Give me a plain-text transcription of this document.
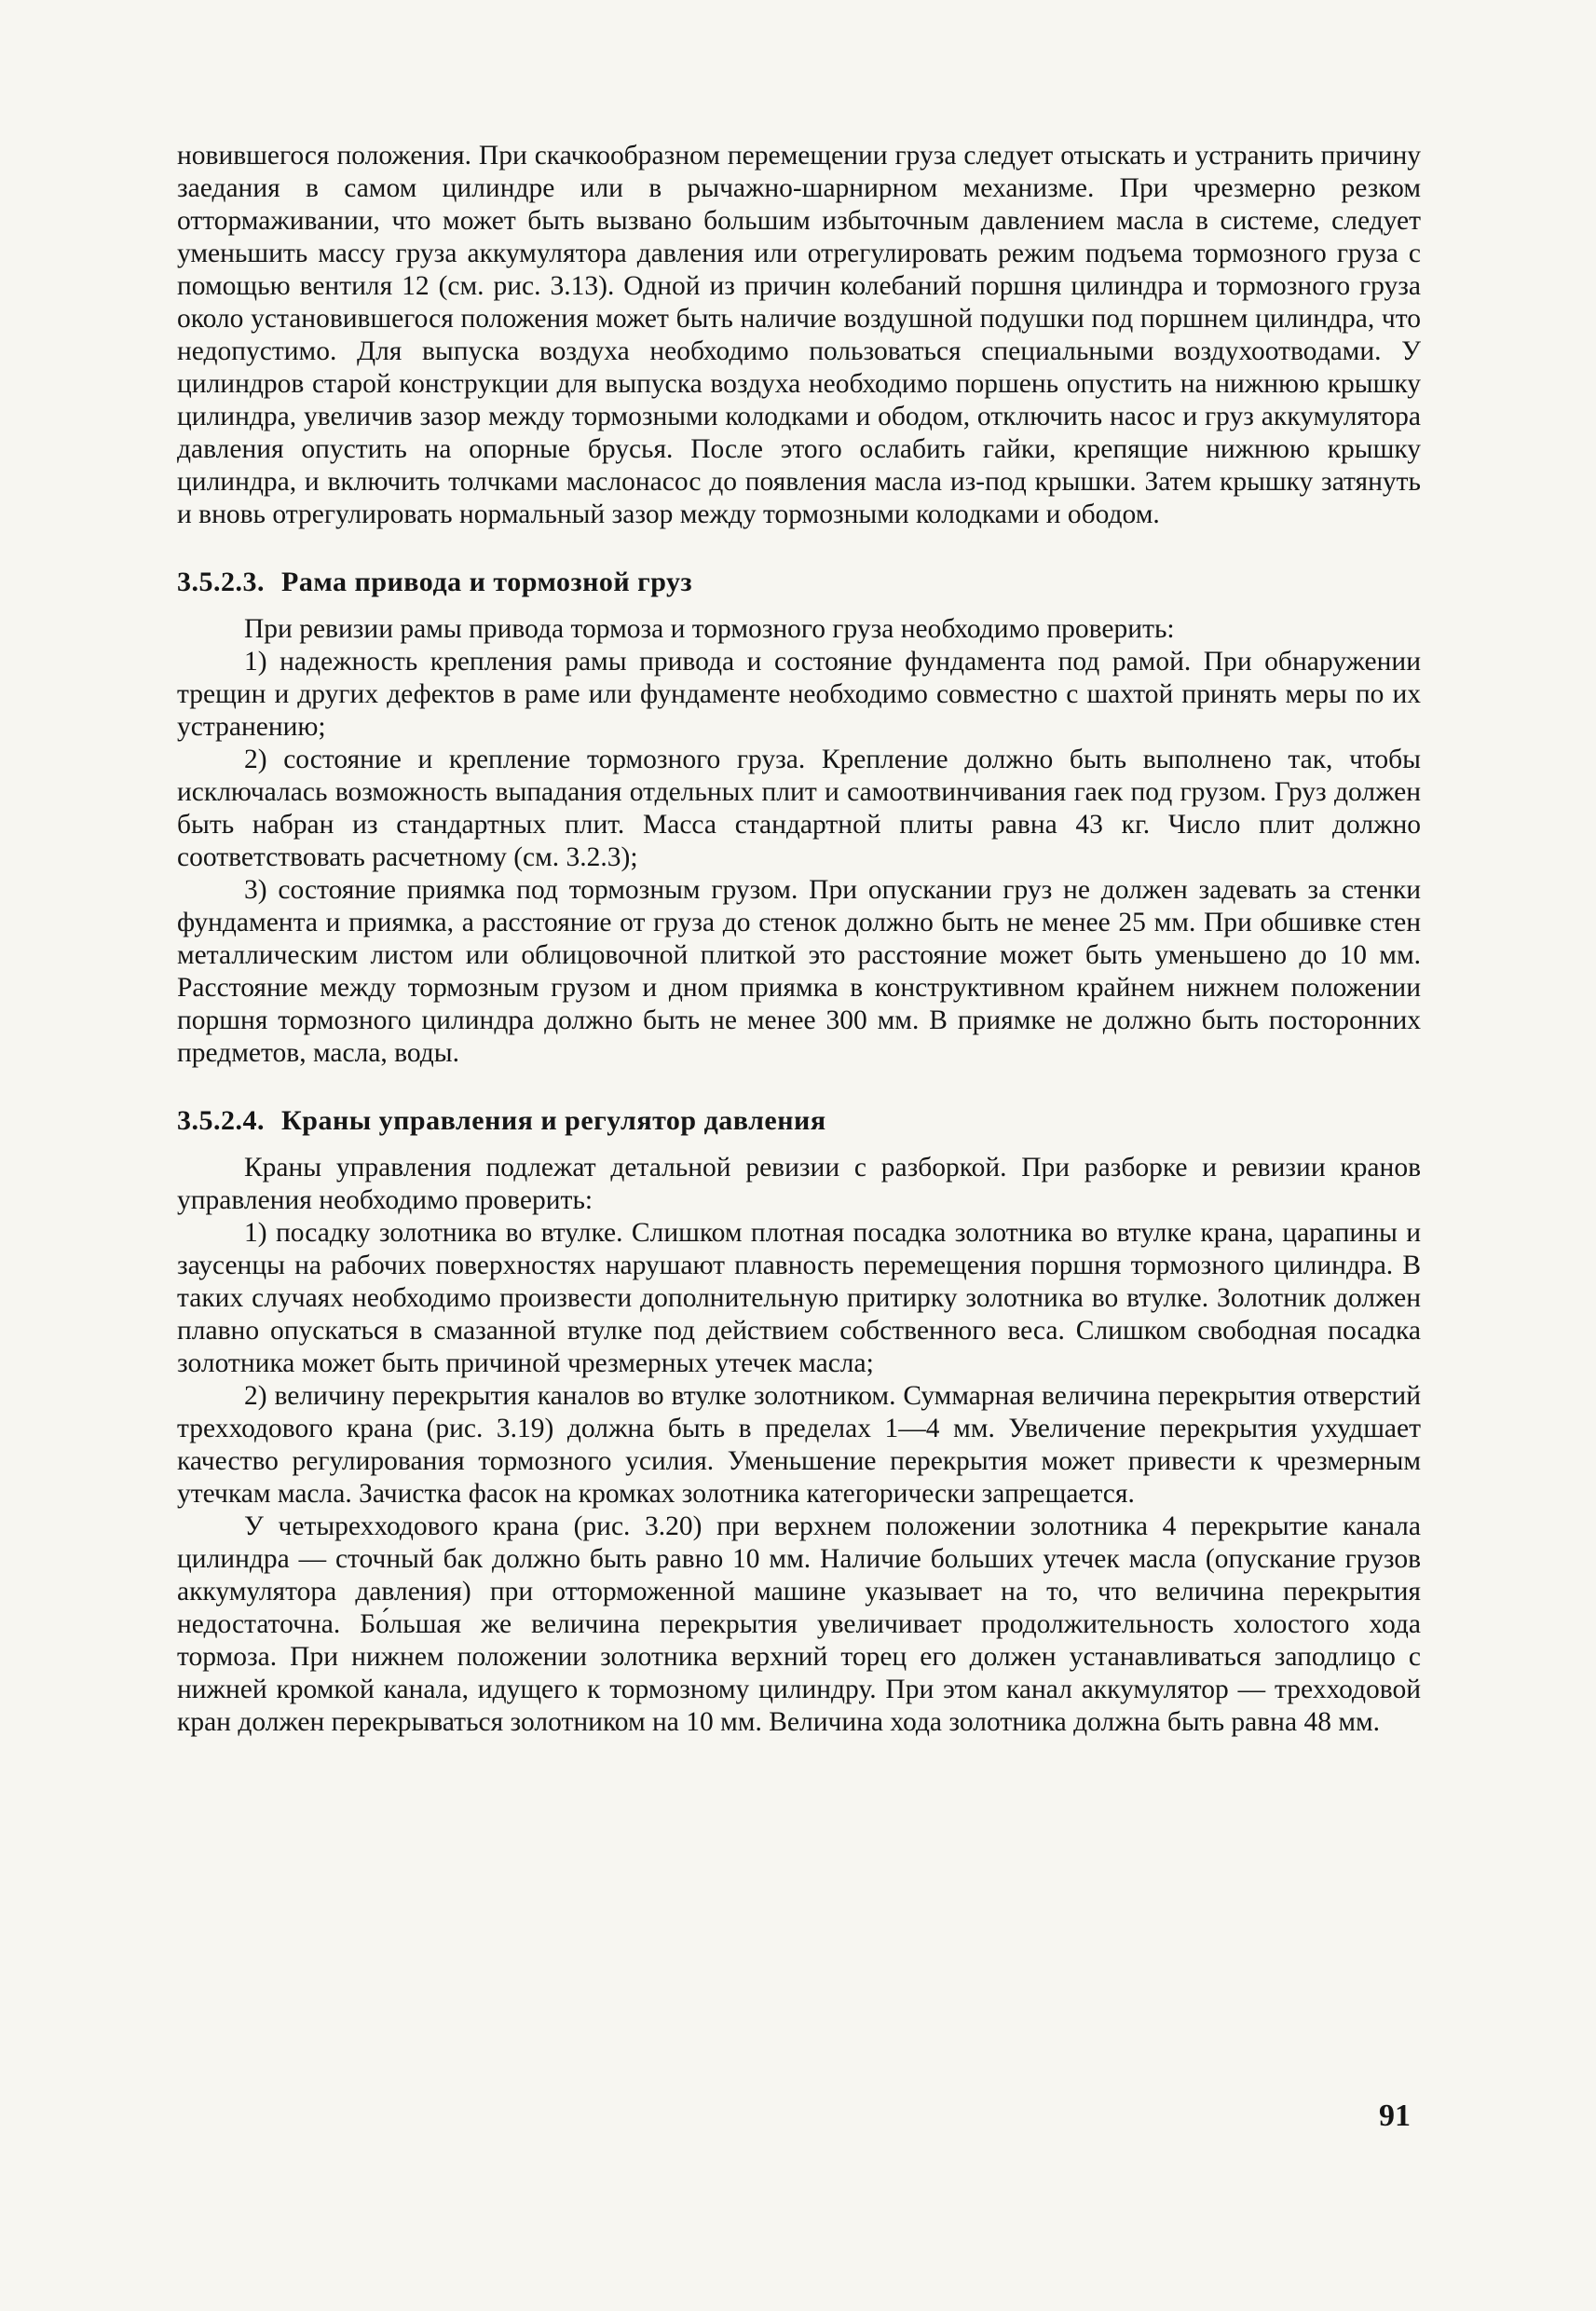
новившегося положения. При скачкообразном перемещении груза следует отыскать и устранить причину заедания в самом цилиндре или в рычажно-шарнирном механизме. При чрезмерно резком оттормаживании, что может быть вызвано большим избыточным давлением масла в системе, следует уменьшить массу груза аккумулятора давления или отрегулировать режим подъема тормозного груза с помощью вентиля 12 (см. рис. 3.13). Одной из причин колебаний поршня цилиндра и тормозного груза около установившегося положения может быть наличие воздушной подушки под поршнем цилиндра, что недопустимо. Для выпуска воздуха необходимо пользоваться специальными воздухоотводами. У цилиндров старой конструкции для выпуска воздуха необходимо поршень опустить на нижнюю крышку цилиндра, увеличив зазор между тормозными колодками и ободом, отключить насос и груз аккумулятора давления опустить на опорные брусья. После этого ослабить гайки, крепящие нижнюю крышку цилиндра, и включить толчками маслонасос до появления масла из-под крышки. Затем крышку затянуть и вновь отрегулировать нормальный зазор между тормозными колодками и ободом.

3.5.2.3. Рама привода и тормозной груз

При ревизии рамы привода тормоза и тормозного груза необходимо проверить:

1) надежность крепления рамы привода и состояние фундамента под рамой. При обнаружении трещин и других дефектов в раме или фундаменте необходимо совместно с шахтой принять меры по их устранению;

2) состояние и крепление тормозного груза. Крепление должно быть выполнено так, чтобы исключалась возможность выпадания отдельных плит и самоотвинчивания гаек под грузом. Груз должен быть набран из стандартных плит. Масса стандартной плиты равна 43 кг. Число плит должно соответствовать расчетному (см. 3.2.3);

3) состояние приямка под тормозным грузом. При опускании груз не должен задевать за стенки фундамента и приямка, а расстояние от груза до стенок должно быть не менее 25 мм. При обшивке стен металлическим листом или облицовочной плиткой это расстояние может быть уменьшено до 10 мм. Расстояние между тормозным грузом и дном приямка в конструктивном крайнем нижнем положении поршня тормозного цилиндра должно быть не менее 300 мм. В приямке не должно быть посторонних предметов, масла, воды.

3.5.2.4. Краны управления и регулятор давления

Краны управления подлежат детальной ревизии с разборкой. При разборке и ревизии кранов управления необходимо проверить:

1) посадку золотника во втулке. Слишком плотная посадка золотника во втулке крана, царапины и заусенцы на рабочих поверхностях нарушают плавность перемещения поршня тормозного цилиндра. В таких случаях необходимо произвести дополнительную притирку золотника во втулке. Золотник должен плавно опускаться в смазанной втулке под действием собственного веса. Слишком свободная посадка золотника может быть причиной чрезмерных утечек масла;

2) величину перекрытия каналов во втулке золотником. Суммарная величина перекрытия отверстий трехходового крана (рис. 3.19) должна быть в пределах 1—4 мм. Увеличение перекрытия ухудшает качество регулирования тормозного усилия. Уменьшение перекрытия может привести к чрезмерным утечкам масла. Зачистка фасок на кромках золотника категорически запрещается.

У четырехходового крана (рис. 3.20) при верхнем положении золотника 4 перекрытие канала цилиндра — сточный бак должно быть равно 10 мм. Наличие больших утечек масла (опускание грузов аккумулятора давления) при отторможенной машине указывает на то, что величина перекрытия недостаточна. Бо́льшая же величина перекрытия увеличивает продолжительность холостого хода тормоза. При нижнем положении золотника верхний торец его должен устанавливаться заподлицо с нижней кромкой канала, идущего к тормозному цилиндру. При этом канал аккумулятор — трехходовой кран должен перекрываться золотником на 10 мм. Величина хода золотника должна быть равна 48 мм.

91
